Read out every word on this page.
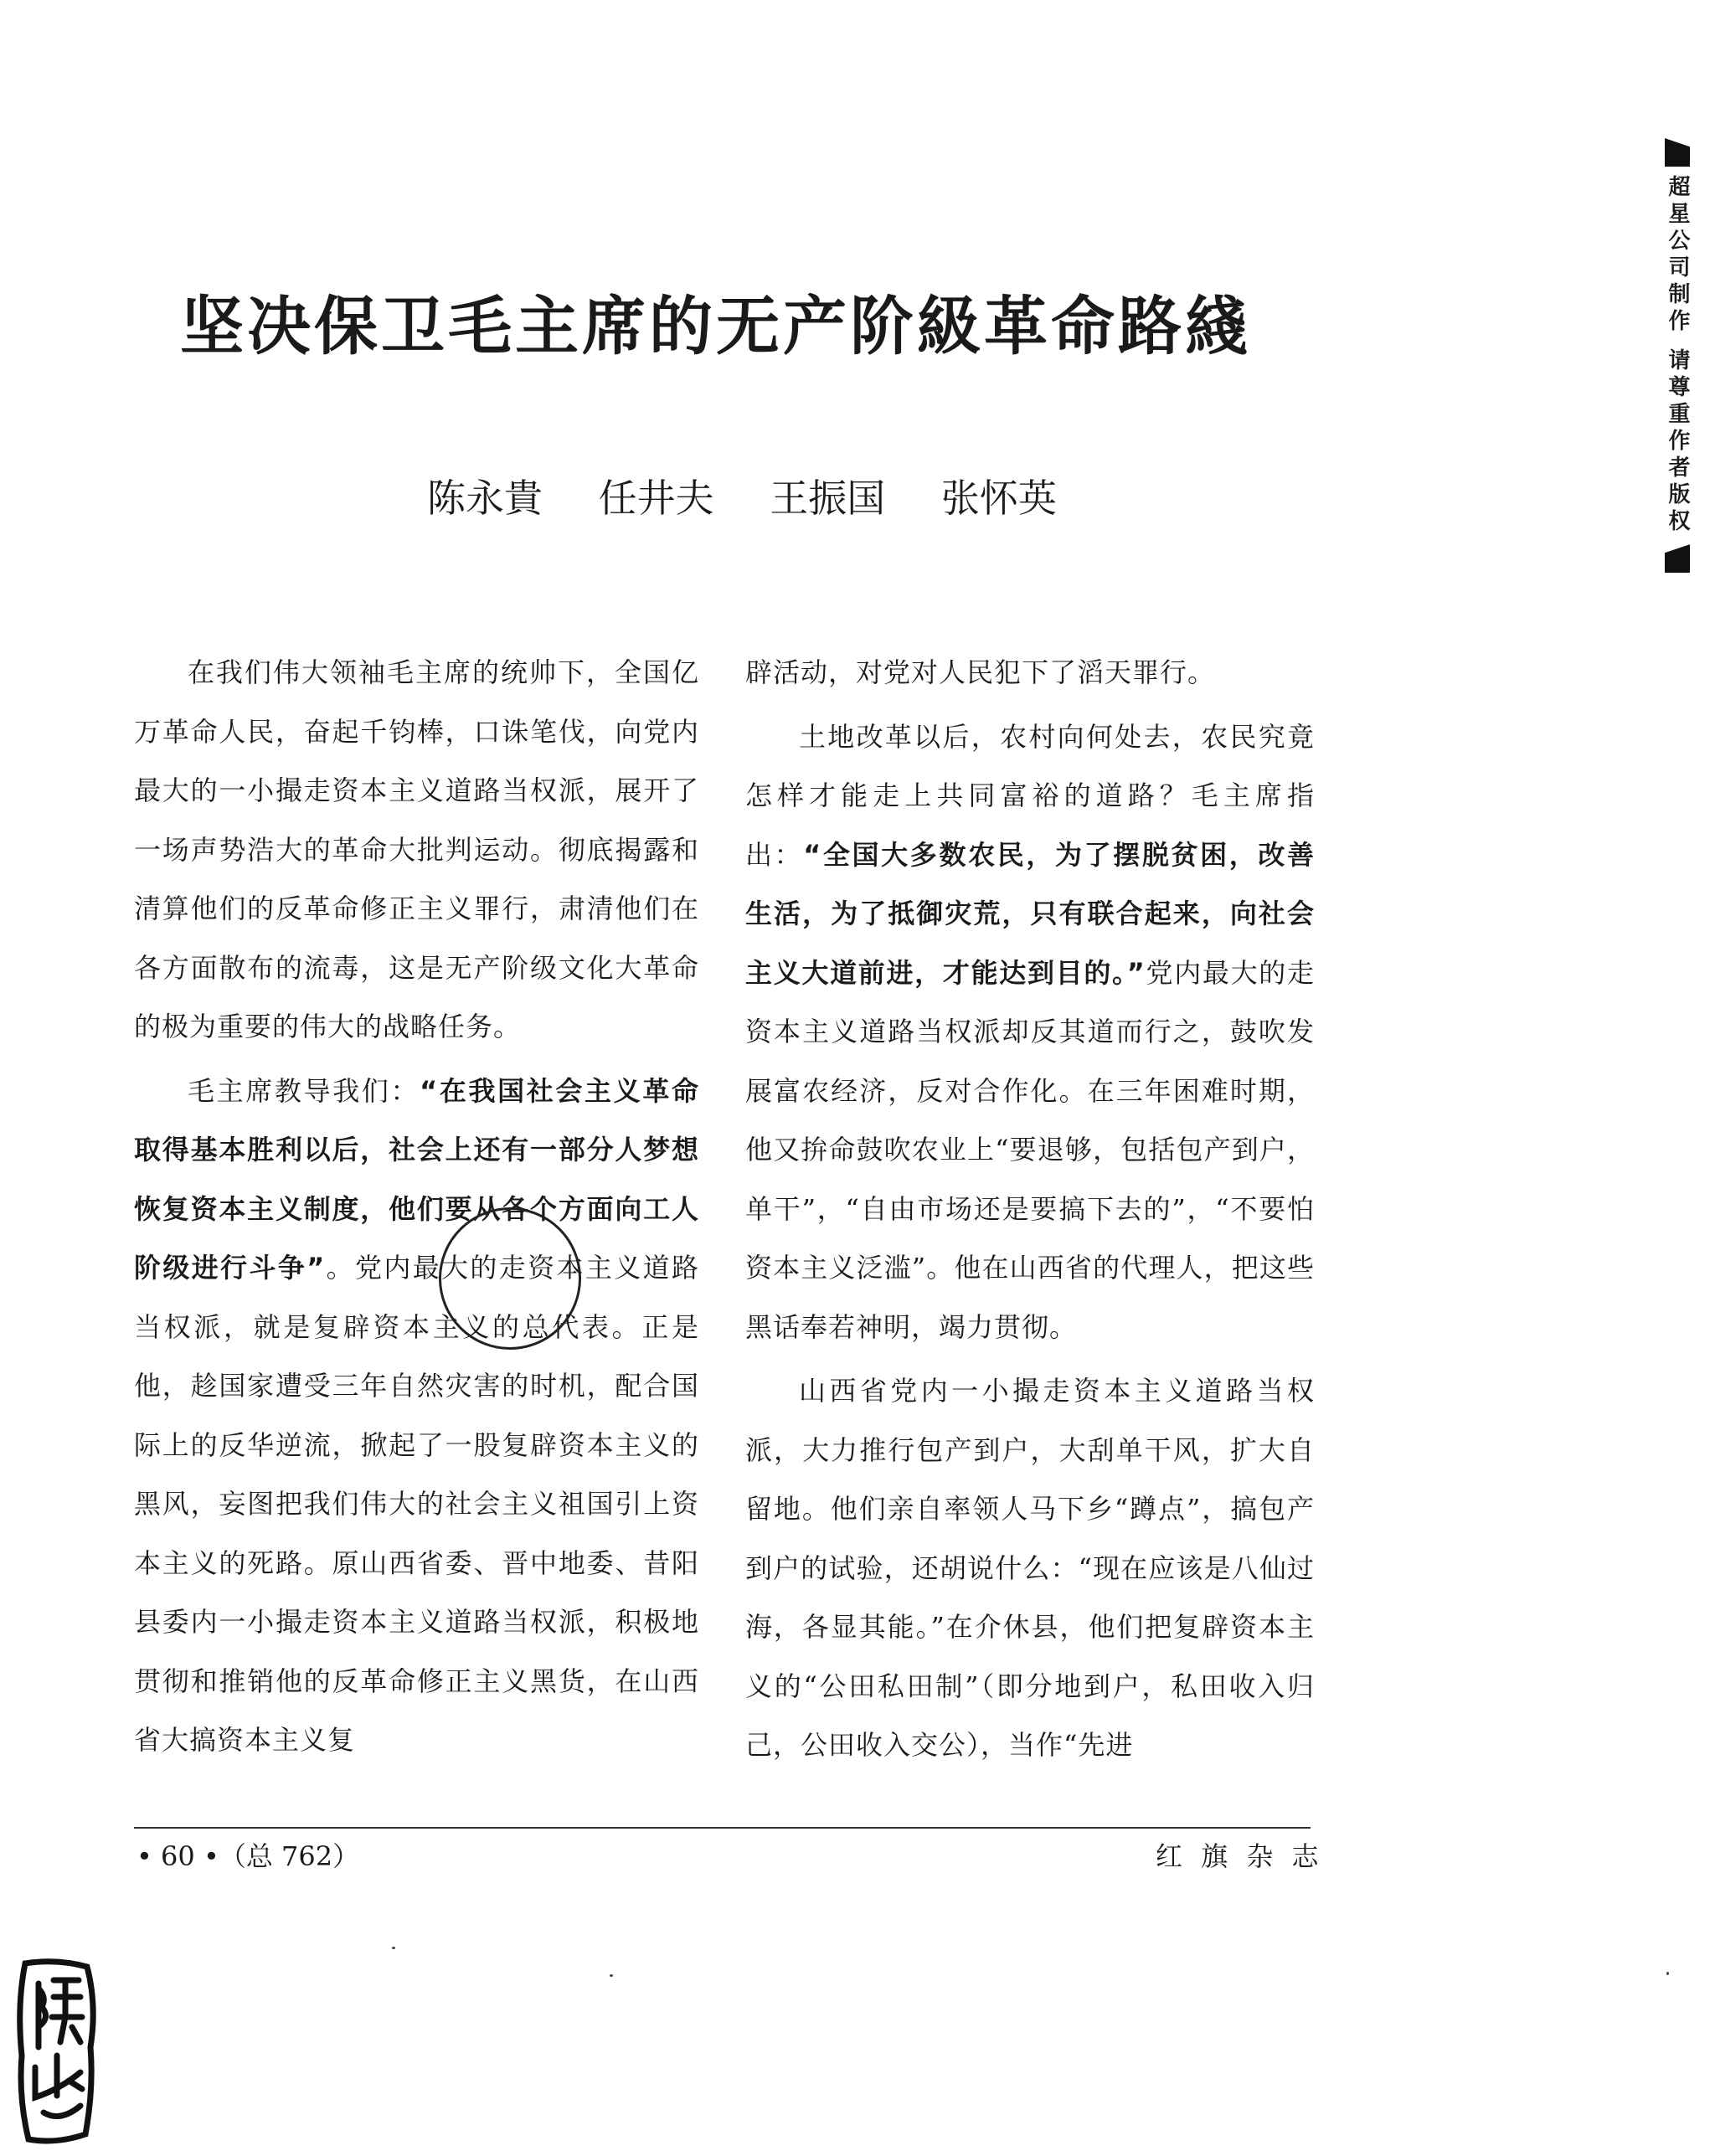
坚决保卫毛主席的无产阶級革命路綫
陈永貴 任井夫 王振国 张怀英

在我们伟大领袖毛主席的统帅下，全国亿万革命人民，奋起千钧棒，口诛笔伐，向党内最大的一小撮走资本主义道路当权派，展开了一场声势浩大的革命大批判运动。彻底揭露和清算他们的反革命修正主义罪行，肃清他们在各方面散布的流毒，这是无产阶级文化大革命的极为重要的伟大的战略任务。

毛主席教导我们：“在我国社会主义革命取得基本胜利以后，社会上还有一部分人梦想恢复资本主义制度，他们要从各个方面向工人阶级进行斗争”。党内最大的走资本主义道路当权派，就是复辟资本主义的总代表。正是他，趁国家遭受三年自然灾害的时机，配合国际上的反华逆流，掀起了一股复辟资本主义的黑风，妄图把我们伟大的社会主义祖国引上资本主义的死路。原山西省委、晋中地委、昔阳县委内一小撮走资本主义道路当权派，积极地贯彻和推销他的反革命修正主义黑货，在山西省大搞资本主义复

辟活动，对党对人民犯下了滔天罪行。

土地改革以后，农村向何处去，农民究竟怎样才能走上共同富裕的道路？毛主席指出：“全国大多数农民，为了摆脱贫困，改善生活，为了抵御灾荒，只有联合起来，向社会主义大道前进，才能达到目的。”党内最大的走资本主义道路当权派却反其道而行之，鼓吹发展富农经济，反对合作化。在三年困难时期，他又拚命鼓吹农业上“要退够，包括包产到户，单干”，“自由市场还是要搞下去的”，“不要怕资本主义泛滥”。他在山西省的代理人，把这些黑话奉若神明，竭力贯彻。

山西省党内一小撮走资本主义道路当权派，大力推行包产到户，大刮单干风，扩大自留地。他们亲自率领人马下乡“蹲点”，搞包产到户的试验，还胡说什么：“现在应该是八仙过海，各显其能。”在介休县，他们把复辟资本主义的“公田私田制”（即分地到户，私田收入归己，公田收入交公），当作“先进

• 60 •（总 762）	红 旗 杂 志
超星公司制作 请尊重作者版权
